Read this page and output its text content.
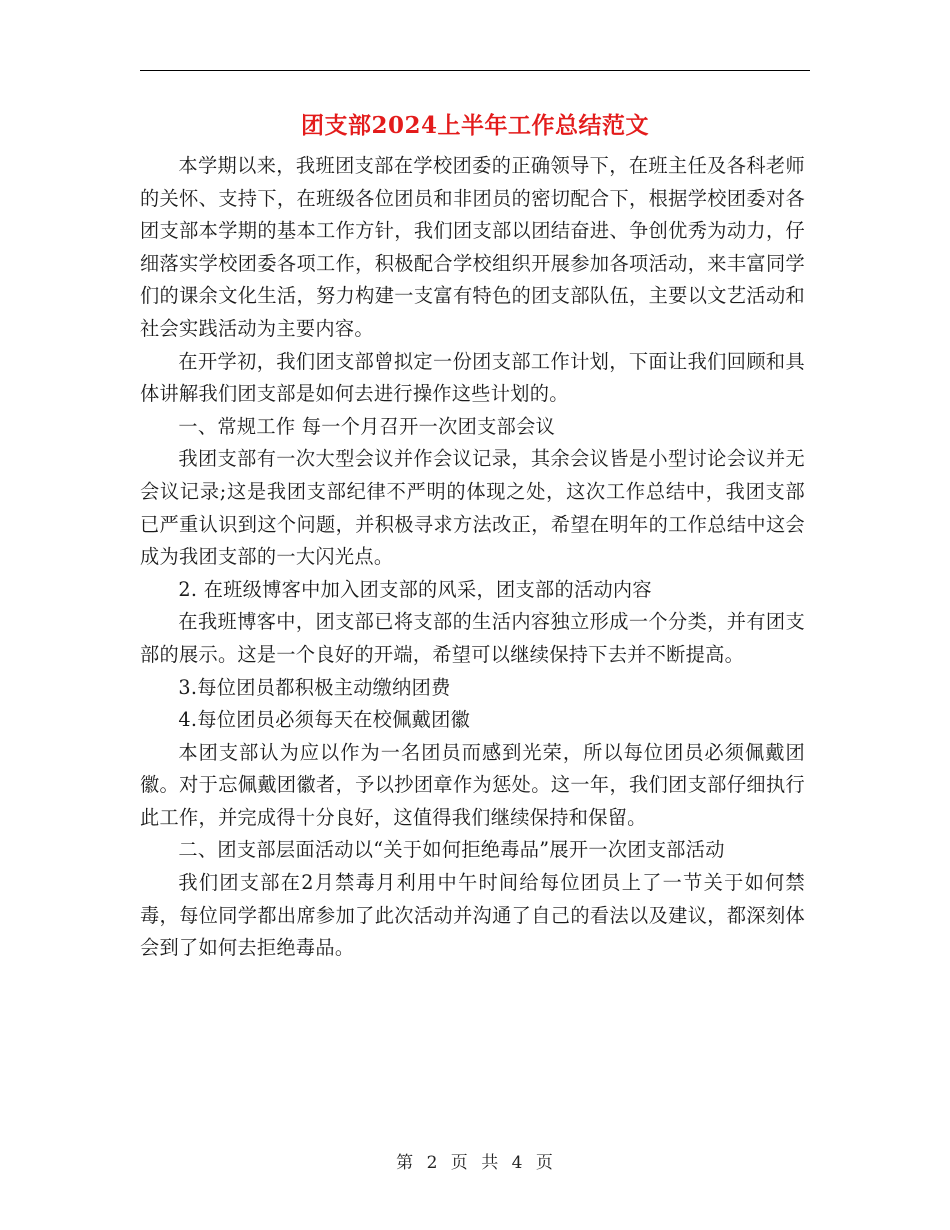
团支部2024上半年工作总结范文

本学期以来，我班团支部在学校团委的正确领导下，在班主任及各科老师的关怀、支持下，在班级各位团员和非团员的密切配合下，根据学校团委对各团支部本学期的基本工作方针，我们团支部以团结奋进、争创优秀为动力，仔细落实学校团委各项工作，积极配合学校组织开展参加各项活动，来丰富同学们的课余文化生活，努力构建一支富有特色的团支部队伍，主要以文艺活动和社会实践活动为主要内容。

在开学初，我们团支部曾拟定一份团支部工作计划，下面让我们回顾和具体讲解我们团支部是如何去进行操作这些计划的。

一、常规工作 每一个月召开一次团支部会议

我团支部有一次大型会议并作会议记录，其余会议皆是小型讨论会议并无会议记录;这是我团支部纪律不严明的体现之处，这次工作总结中，我团支部已严重认识到这个问题，并积极寻求方法改正，希望在明年的工作总结中这会成为我团支部的一大闪光点。

2. 在班级博客中加入团支部的风采，团支部的活动内容

在我班博客中，团支部已将支部的生活内容独立形成一个分类，并有团支部的展示。这是一个良好的开端，希望可以继续保持下去并不断提高。

3.每位团员都积极主动缴纳团费

4.每位团员必须每天在校佩戴团徽

本团支部认为应以作为一名团员而感到光荣，所以每位团员必须佩戴团徽。对于忘佩戴团徽者，予以抄团章作为惩处。这一年，我们团支部仔细执行此工作，并完成得十分良好，这值得我们继续保持和保留。

二、团支部层面活动以“关于如何拒绝毒品”展开一次团支部活动

我们团支部在2月禁毒月利用中午时间给每位团员上了一节关于如何禁毒，每位同学都出席参加了此次活动并沟通了自己的看法以及建议，都深刻体会到了如何去拒绝毒品。

第 2 页 共 4 页
